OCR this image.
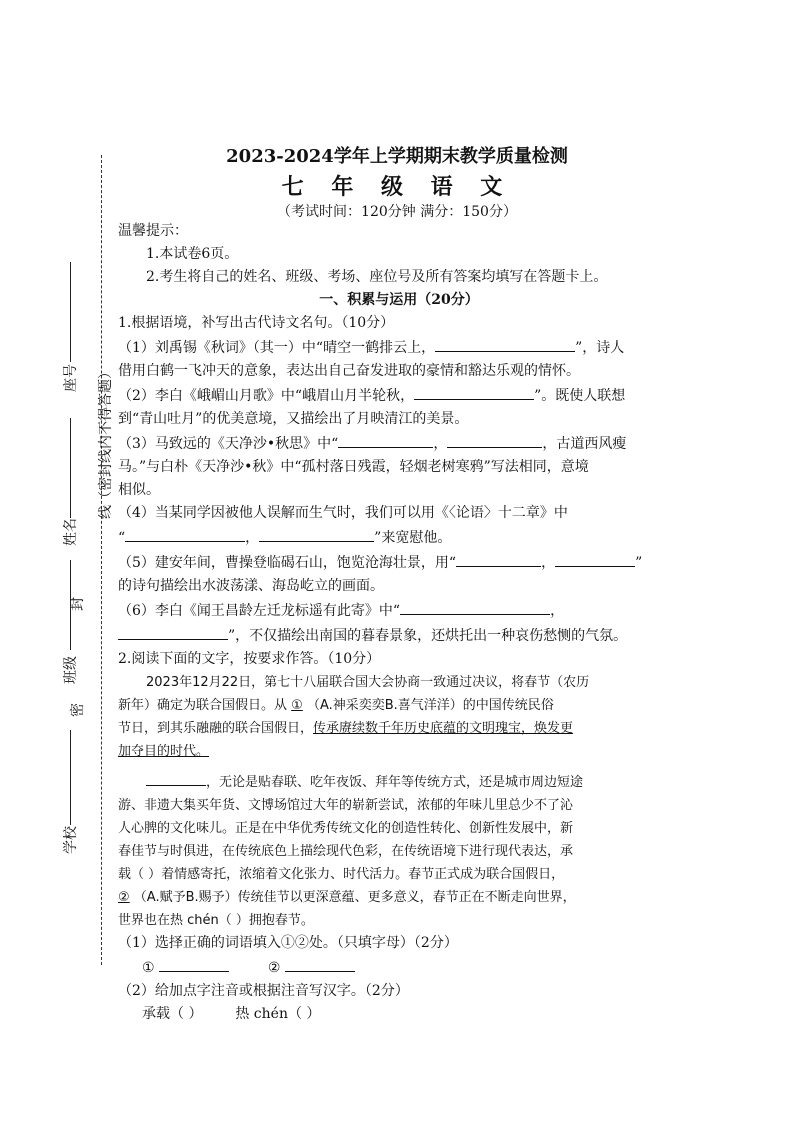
座号 线（密封线内不得答题）
姓名
封
班级
密
学校
2023-2024学年上学期期末教学质量检测
七 年 级 语 文
（考试时间：120分钟 满分：150分）
温馨提示：
1.本试卷6页。
2.考生将自己的姓名、班级、考场、座位号及所有答案均填写在答题卡上。
一、积累与运用（20分）
1.根据语境，补写出古代诗文名句。（10分）
（1）刘禹锡《秋词》（其一）中“晴空一鹤排云上，	”，诗人
借用白鹤一飞冲天的意象，表达出自己奋发进取的豪情和豁达乐观的情怀。
（2）李白《峨嵋山月歌》中“峨眉山月半轮秋，	”。既使人联想
到“青山吐月”的优美意境，又描绘出了月映清江的美景。
（3）马致远的《天净沙•秋思》中“	，	，古道西风瘦
马。”与白朴《天净沙•秋》中“孤村落日残霞，轻烟老树寒鸦”写法相同，意境
相似。
（4）当某同学因被他人误解而生气时，我们可以用《〈论语〉十二章》中
“	，	”来宽慰他。
（5）建安年间，曹操登临碣石山，饱览沧海壮景，用“	，	”
的诗句描绘出水波荡漾、海岛屹立的画面。
（6）李白《闻王昌龄左迁龙标遥有此寄》中“	，
”，不仅描绘出南国的暮春景象，还烘托出一种哀伤愁恻的气氛。
2.阅读下面的文字，按要求作答。（10分）
2023年12月22日，第七十八届联合国大会协商一致通过决议，将春节（农历
新年）确定为联合国假日。从 ① （A.神采奕奕B.喜气洋洋）的中国传统民俗
节日，到其乐融融的联合国假日，传承赓续数千年历史底蕴的文明瑰宝，焕发更
加夺目的时代。
，无论是贴春联、吃年夜饭、拜年等传统方式，还是城市周边短途
游、非遗大集买年货、文博场馆过大年的崭新尝试，浓郁的年味儿里总少不了沁
人心脾的文化味儿。正是在中华优秀传统文化的创造性转化、创新性发展中，新
春佳节与时俱进，在传统底色上描绘现代色彩，在传统语境下进行现代表达，承
载（ ）着情感寄托，浓缩着文化张力、时代活力。春节正式成为联合国假日，
② （A.赋予B.赐予）传统佳节以更深意蕴、更多意义，春节正在不断走向世界，
世界也在热 chén（ ）拥抱春节。
（1）选择正确的词语填入①②处。（只填字母）（2分）
①	②
（2）给加点字注音或根据注音写汉字。（2分）
承载（ ） 热 chén（ ）
